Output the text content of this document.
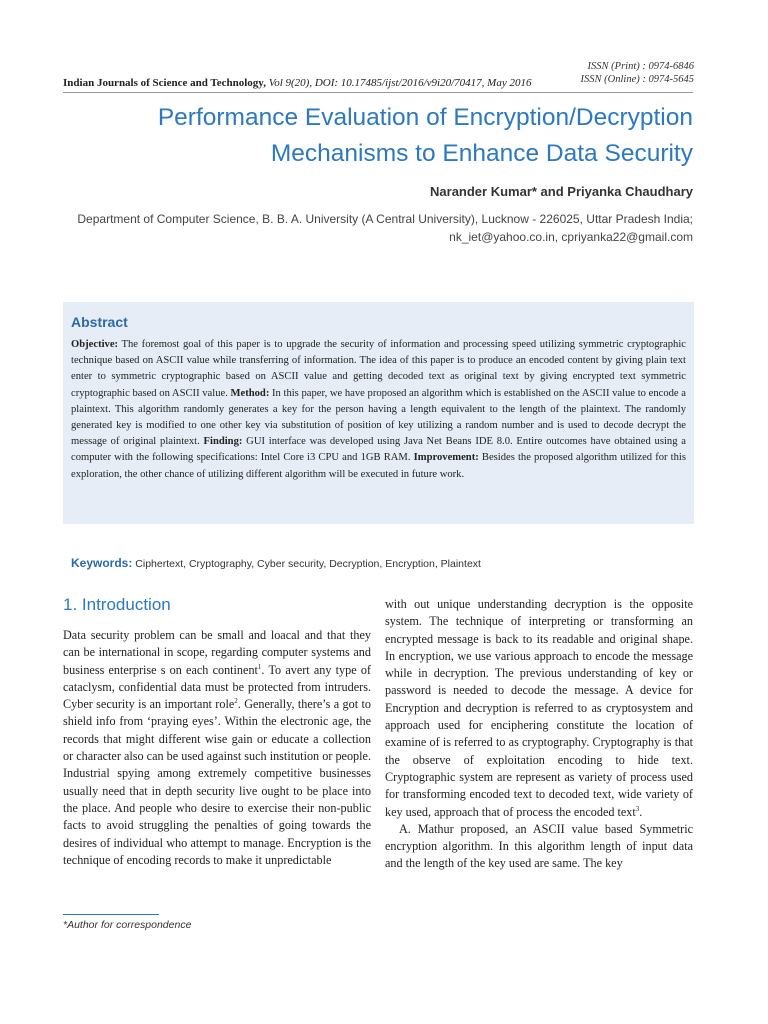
ISSN (Print) : 0974-6846
ISSN (Online) : 0974-5645
Indian Journals of Science and Technology, Vol 9(20), DOI: 10.17485/ijst/2016/v9i20/70417, May 2016
Performance Evaluation of Encryption/Decryption
Mechanisms to Enhance Data Security
Narander Kumar* and Priyanka Chaudhary
Department of Computer Science, B. B. A. University (A Central University), Lucknow - 226025, Uttar Pradesh India;
nk_iet@yahoo.co.in, cpriyanka22@gmail.com
Abstract
Objective: The foremost goal of this paper is to upgrade the security of information and processing speed utilizing symmetric cryptographic technique based on ASCII value while transferring of information. The idea of this paper is to produce an encoded content by giving plain text enter to symmetric cryptographic based on ASCII value and getting decoded text as original text by giving encrypted text symmetric cryptographic based on ASCII value. Method: In this paper, we have proposed an algorithm which is established on the ASCII value to encode a plaintext. This algorithm randomly generates a key for the person having a length equivalent to the length of the plaintext. The randomly generated key is modified to one other key via substitution of position of key utilizing a random number and is used to decode decrypt the message of original plaintext. Finding: GUI interface was developed using Java Net Beans IDE 8.0. Entire outcomes have obtained using a computer with the following specifications: Intel Core i3 CPU and 1GB RAM. Improvement: Besides the proposed algorithm utilized for this exploration, the other chance of utilizing different algorithm will be executed in future work.
Keywords: Ciphertext, Cryptography, Cyber security, Decryption, Encryption, Plaintext
1. Introduction

Data security problem can be small and loacal and that they can be international in scope, regarding computer systems and business enterprise s on each continent$^1$. To avert any type of cataclysm, confidential data must be protected from intruders. Cyber security is an important role$^2$. Generally, there’s a got to shield info from ‘praying eyes’. Within the electronic age, the records that might different wise gain or educate a collection or character also can be used against such institution or people. Industrial spying among extremely competitive businesses usually need that in depth security live ought to be place into the place. And people who desire to exercise their non-public facts to avoid struggling the penalties of going towards the desires of individual who attempt to manage. Encryption is the technique of encoding records to make it unpredictable

with out unique understanding decryption is the opposite system. The technique of interpreting or transforming an encrypted message is back to its readable and original shape. In encryption, we use various approach to encode the message while in decryption. The previous understanding of key or password is needed to decode the message. A device for Encryption and decryption is referred to as cryptosystem and approach used for enciphering constitute the location of examine of is referred to as cryptography. Cryptography is that the observe of exploitation encoding to hide text. Cryptographic system are represent as variety of process used for transforming encoded text to decoded text, wide variety of key used, approach that of process the encoded text$^3$.

A. Mathur proposed, an ASCII value based Symmetric encryption algorithm. In this algorithm length of input data and the length of the key used are same. The key

*Author for correspondence
